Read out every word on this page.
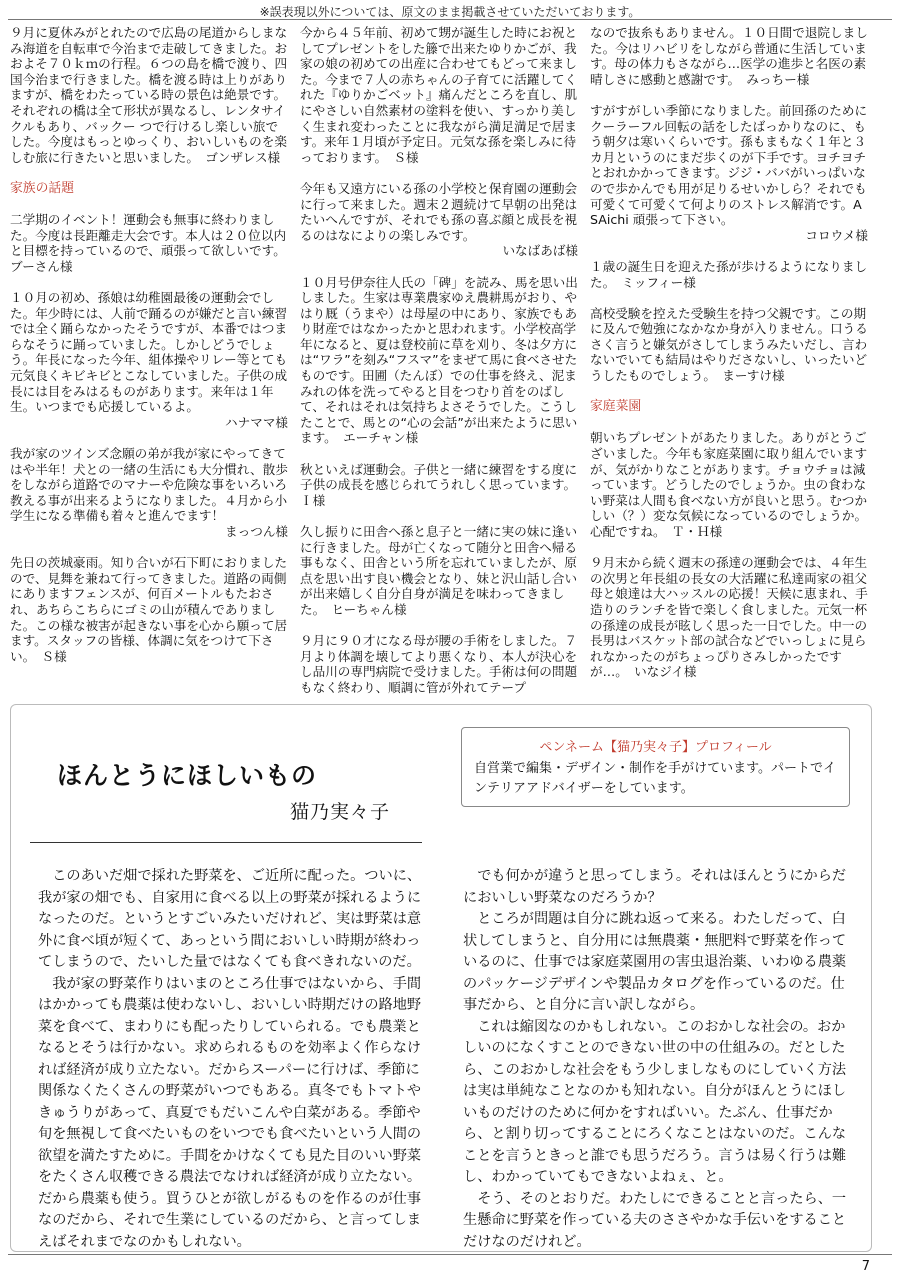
※誤表現以外については、原文のまま掲載させていただいております。
９月に夏休みがとれたので広島の尾道からしまなみ海道を自転車で今治まで走破してきました。おおよそ７０ｋｍの行程。６つの島を橋で渡り、四国今治まで行きました。橋を渡る時は上りがありますが、橋をわたっている時の景色は絶景です。それぞれの橋は全て形状が異なるし、レンタサイクルもあり、バックー つで行けるし楽しい旅でした。今度はもっとゆっくり、おいしいものを楽しむ旅に行きたいと思いました。　 ゴンザレス様
家族の話題
二学期のイベント！運動会も無事に終わりました。今度は長距離走大会です。本人は２０位以内と目標を持っているので、頑張って欲しいです。　ブーさん様
１０月の初め、孫娘は幼稚園最後の運動会でした。年少時には、人前で踊るのが嫌だと言い練習では全く踊らなかったそうですが、本番ではつまらなそうに踊っていました。しかしどうでしょう。年長になった今年、組体操やリレー等とても元気良くキビキビとこなしていました。子供の成長には目をみはるものがあります。来年は１年生。いつまでも応援しているよ。
ハナママ様
我が家のツインズ念願の弟が我が家にやってきてはや半年！犬との一緒の生活にも大分慣れ、散歩をしながら道路でのマナーや危険な事をいろいろ教える事が出来るようになりました。４月から小学生になる準備も着々と進んでます！
まっつん様
先日の茨城豪雨。知り合いが石下町におりましたので、見舞を兼ねて行ってきました。道路の両側にありますフェンスが、何百メートルもたおされ、あちらこちらにゴミの山が積んでありました。この様な被害が起きない事を心から願って居ます。スタッフの皆様、体調に気をつけて下さい。　 Ｓ様
今から４５年前、初めて甥が誕生した時にお祝としてプレゼントをした籐で出来たゆりかごが、我家の娘の初めての出産に合わせてもどって来ました。今まで７人の赤ちゃんの子育てに活躍してくれた『ゆりかごベット』痛んだところを直し、肌にやさしい自然素材の塗料を使い、すっかり美しく生まれ変わったことに我ながら満足満足で居ます。来年１月頃が予定日。元気な孫を楽しみに待っております。　 Ｓ様
今年も又遠方にいる孫の小学校と保育園の運動会に行って来ました。週末２週続けて早朝の出発はたいへんですが、それでも孫の喜ぶ顔と成長を視るのはなによりの楽しみです。
いなばあば様
１０月号伊奈往人氏の「碑」を読み、馬を思い出しました。生家は専業農家ゆえ農耕馬がおり、やはり厩（うまや）は母屋の中にあり、家族でもあり財産ではなかったかと思われます。小学校高学年になると、夏は登校前に草を刈り、冬は夕方には“ワラ”を刻み“フスマ”をまぜて馬に食べさせたものです。田圃（たんぼ）での仕事を終え、泥まみれの体を洗ってやると目をつむり首をのばして、それはそれは気持ちよさそうでした。こうしたことで、馬との“心の会話”が出来たように思います。　 エーチャン様
秋といえば運動会。子供と一緒に練習をする度に子供の成長を感じられてうれしく思っています。　Ｉ様
久し振りに田舎へ孫と息子と一緒に実の妹に逢いに行きました。母が亡くなって随分と田舎へ帰る事もなく、田舎という所を忘れていましたが、原点を思い出す良い機会となり、妹と沢山話し合いが出来嬉しく自分自身が満足を味わってきました。　 ヒーちゃん様
９月に９０才になる母が腰の手術をしました。７月より体調を壊してより悪くなり、本人が決心をし品川の専門病院で受けました。手術は何の問題もなく終わり、順調に管が外れてテープ
なので抜糸もありません。１０日間で退院しました。今はリハビリをしながら普通に生活しています。母の体力もさながら…医学の進歩と名医の素晴しさに感動と感謝です。　 みっちー様
すがすがしい季節になりました。前回孫のためにクーラーフル回転の話をしたばっかりなのに、もう朝夕は寒いくらいです。孫もまもなく１年と３カ月というのにまだ歩くのが下手です。ヨチヨチとおれかかってきます。ジジ・ババがいっぱいなので歩かんでも用が足りるせいかしら？それでも可愛くて可愛くて何よりのストレス解消です。ASAichi 頑張って下さい。
コロウメ様
１歳の誕生日を迎えた孫が歩けるようになりました。　 ミッフィー様
高校受験を控えた受験生を持つ父親です。この期に及んで勉強になかなか身が入りません。口うるさく言うと嫌気がさしてしまうみたいだし、言わないでいても結局はやりださないし、いったいどうしたものでしょう。　 まーすけ様
家庭菜園
朝いちプレゼントがあたりました。ありがとうございました。今年も家庭菜園に取り組んでいますが、気がかりなことがあります。チョウチョは減っています。どうしたのでしょうか。虫の食わない野菜は人間も食べない方が良いと思う。むつかしい（？）変な気候になっているのでしょうか。心配ですね。　 Ｔ・Ｈ様
９月末から続く週末の孫達の運動会では、４年生の次男と年長組の長女の大活躍に私達両家の祖父母と娘達は大ハッスルの応援！天候に恵まれ、手造りのランチを皆で楽しく食しました。元気一杯の孫達の成長が眩しく思った一日でした。中一の長男はバスケット部の試合などでいっしょに見られなかったのがちょっぴりさみしかったですが…。　 いなジイ様
ほんとうにほしいもの
猫乃実々子
ペンネーム【猫乃実々子】プロフィール
自営業で編集・デザイン・制作を手がけています。パートでインテリアアドバイザーをしています。

このあいだ畑で採れた野菜を、ご近所に配った。ついに、我が家の畑でも、自家用に食べる以上の野菜が採れるようになったのだ。というとすごいみたいだけれど、実は野菜は意外に食べ頃が短くて、あっという間においしい時期が終わってしまうので、たいした量ではなくても食べきれないのだ。

我が家の野菜作りはいまのところ仕事ではないから、手間はかかっても農薬は使わないし、おいしい時期だけの路地野菜を食べて、まわりにも配ったりしていられる。でも農業となるとそうは行かない。求められるものを効率よく作らなければ経済が成り立たない。だからスーパーに行けば、季節に関係なくたくさんの野菜がいつでもある。真冬でもトマトやきゅうりがあって、真夏でもだいこんや白菜がある。季節や旬を無視して食べたいものをいつでも食べたいという人間の欲望を満たすために。手間をかけなくても見た目のいい野菜をたくさん収穫できる農法でなければ経済が成り立たない。だから農薬も使う。買うひとが欲しがるものを作るのが仕事なのだから、それで生業にしているのだから、と言ってしまえばそれまでなのかもしれない。

でも何かが違うと思ってしまう。それはほんとうにからだにおいしい野菜なのだろうか？

ところが問題は自分に跳ね返って来る。わたしだって、白状してしまうと、自分用には無農薬・無肥料で野菜を作っているのに、仕事では家庭菜園用の害虫退治薬、いわゆる農薬のパッケージデザインや製品カタログを作っているのだ。仕事だから、と自分に言い訳しながら。

これは縮図なのかもしれない。このおかしな社会の。おかしいのになくすことのできない世の中の仕組みの。だとしたら、このおかしな社会をもう少しましなものにしていく方法は実は単純なことなのかも知れない。自分がほんとうにほしいものだけのために何かをすればいい。たぶん、仕事だから、と割り切ってすることにろくなことはないのだ。こんなことを言うときっと誰でも思うだろう。言うは易く行うは難し、わかっていてもできないよねぇ、と。

そう、そのとおりだ。わたしにできることと言ったら、一生懸命に野菜を作っている夫のささやかな手伝いをすることだけなのだけれど。

7
